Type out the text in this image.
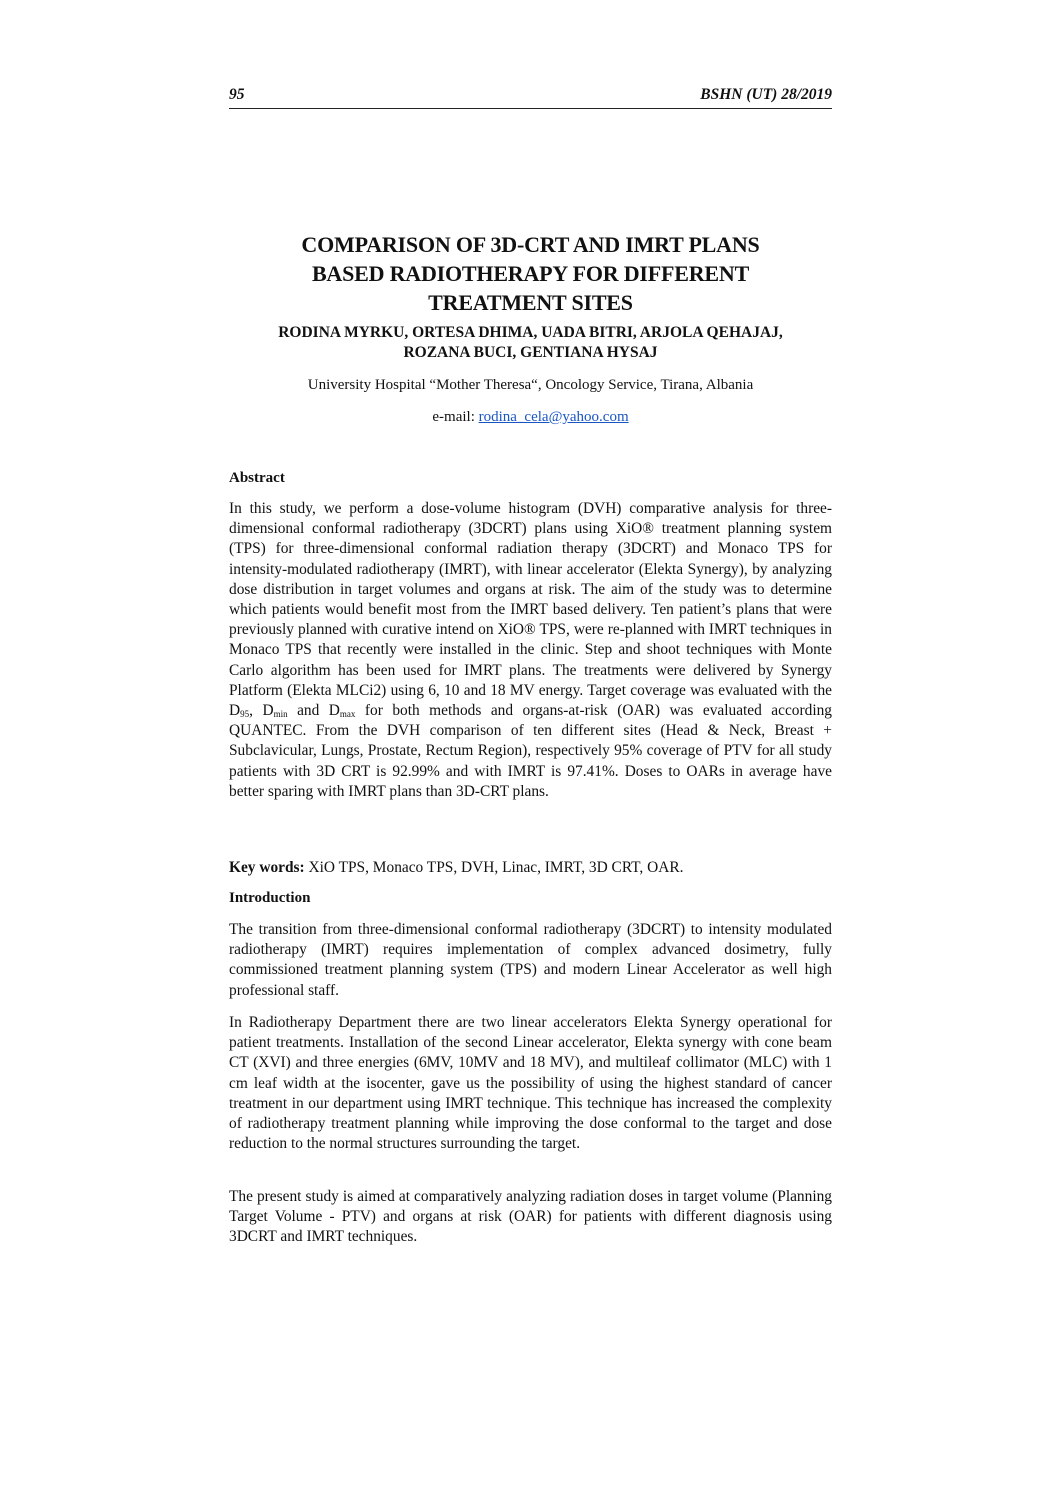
95	BSHN (UT) 28/2019
COMPARISON OF 3D-CRT AND IMRT PLANS
BASED RADIOTHERAPY FOR DIFFERENT
TREATMENT SITES
RODINA MYRKU, ORTESA DHIMA, UADA BITRI, ARJOLA QEHAJAJ,
ROZANA BUCI, GENTIANA HYSAJ
University Hospital “Mother Theresa“, Oncology Service, Tirana, Albania
e-mail: rodina_cela@yahoo.com
Abstract

In this study, we perform a dose-volume histogram (DVH) comparative analysis for three-dimensional conformal radiotherapy (3DCRT) plans using XiO® treatment planning system (TPS) for three-dimensional conformal radiation therapy (3DCRT) and Monaco TPS for intensity-modulated radiotherapy (IMRT), with linear accelerator (Elekta Synergy), by analyzing dose distribution in target volumes and organs at risk. The aim of the study was to determine which patients would benefit most from the IMRT based delivery. Ten patient’s plans that were previously planned with curative intend on XiO® TPS, were re-planned with IMRT techniques in Monaco TPS that recently were installed in the clinic. Step and shoot techniques with Monte Carlo algorithm has been used for IMRT plans. The treatments were delivered by Synergy Platform (Elekta MLCi2) using 6, 10 and 18 MV energy. Target coverage was evaluated with the $D_{95}$, $D_{min}$ and $D_{max}$ for both methods and organs-at-risk (OAR) was evaluated according QUANTEC. From the DVH comparison of ten different sites (Head & Neck, Breast + Subclavicular, Lungs, Prostate, Rectum Region), respectively 95% coverage of PTV for all study patients with 3D CRT is 92.99% and with IMRT is 97.41%. Doses to OARs in average have better sparing with IMRT plans than 3D-CRT plans.

Key words: XiO TPS, Monaco TPS, DVH, Linac, IMRT, 3D CRT, OAR.

Introduction

The transition from three-dimensional conformal radiotherapy (3DCRT) to intensity modulated radiotherapy (IMRT) requires implementation of complex advanced dosimetry, fully commissioned treatment planning system (TPS) and modern Linear Accelerator as well high professional staff.

In Radiotherapy Department there are two linear accelerators Elekta Synergy operational for patient treatments. Installation of the second Linear accelerator, Elekta synergy with cone beam CT (XVI) and three energies (6MV, 10MV and 18 MV), and multileaf collimator (MLC) with 1 cm leaf width at the isocenter, gave us the possibility of using the highest standard of cancer treatment in our department using IMRT technique. This technique has increased the complexity of radiotherapy treatment planning while improving the dose conformal to the target and dose reduction to the normal structures surrounding the target.

The present study is aimed at comparatively analyzing radiation doses in target volume (Planning Target Volume - PTV) and organs at risk (OAR) for patients with different diagnosis using 3DCRT and IMRT techniques.
